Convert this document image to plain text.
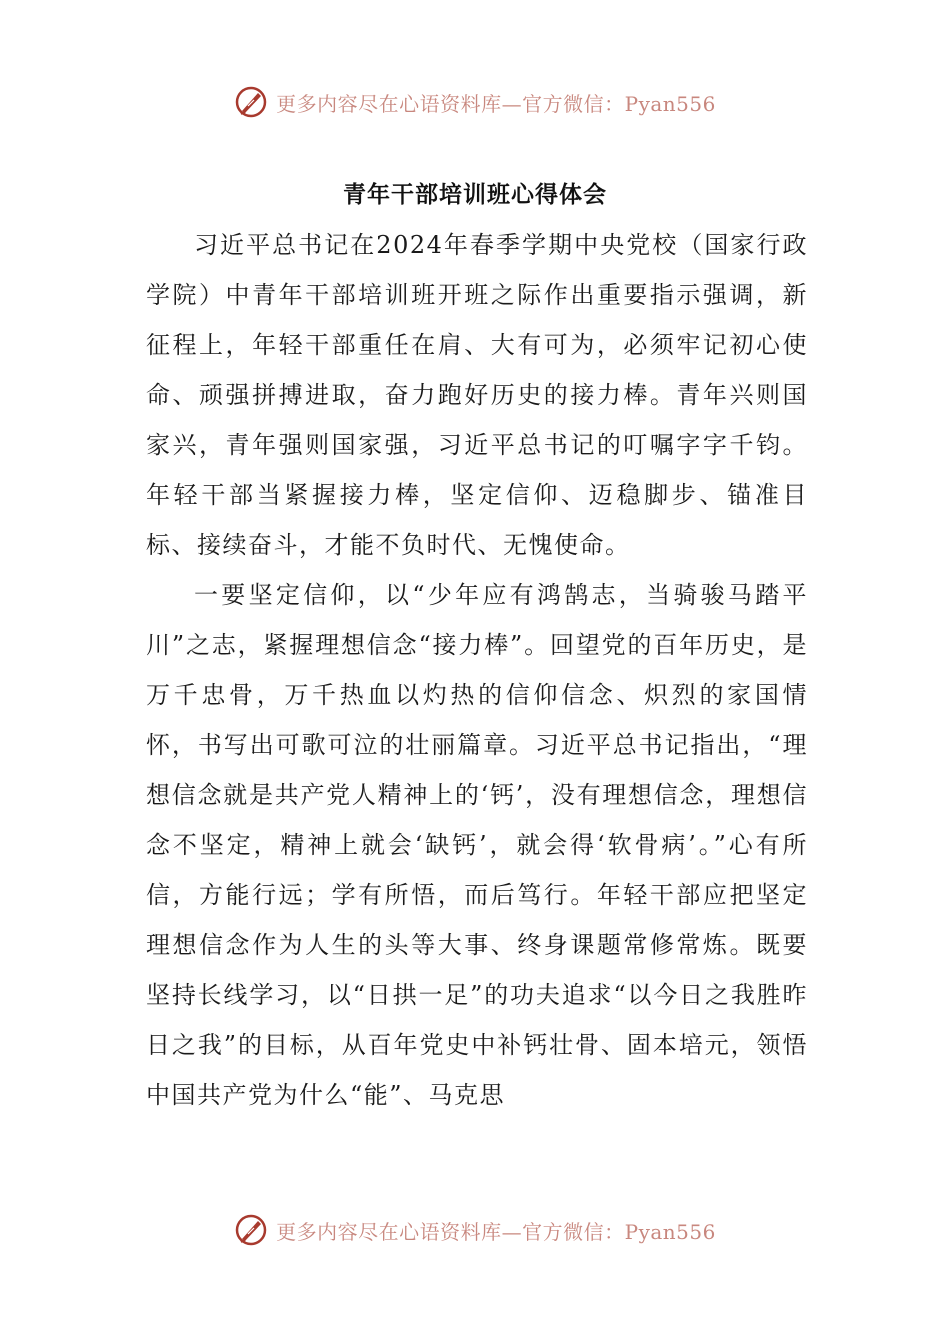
更多内容尽在心语资料库—官方微信：Pyan556
青年干部培训班心得体会

习近平总书记在2024年春季学期中央党校（国家行政学院）中青年干部培训班开班之际作出重要指示强调，新征程上，年轻干部重任在肩、大有可为，必须牢记初心使命、顽强拼搏进取，奋力跑好历史的接力棒。青年兴则国家兴，青年强则国家强，习近平总书记的叮嘱字字千钧。年轻干部当紧握接力棒，坚定信仰、迈稳脚步、锚准目标、接续奋斗，才能不负时代、无愧使命。

一要坚定信仰，以“少年应有鸿鹄志，当骑骏马踏平川”之志，紧握理想信念“接力棒”。回望党的百年历史，是万千忠骨，万千热血以灼热的信仰信念、炽烈的家国情怀，书写出可歌可泣的壮丽篇章。习近平总书记指出，“理想信念就是共产党人精神上的‘钙’，没有理想信念，理想信念不坚定，精神上就会‘缺钙’，就会得‘软骨病’。”心有所信，方能行远；学有所悟，而后笃行。年轻干部应把坚定理想信念作为人生的头等大事、终身课题常修常炼。既要坚持长线学习，以“日拱一足”的功夫追求“以今日之我胜昨日之我”的目标，从百年党史中补钙壮骨、固本培元，领悟中国共产党为什么“能”、马克思

更多内容尽在心语资料库—官方微信：Pyan556
